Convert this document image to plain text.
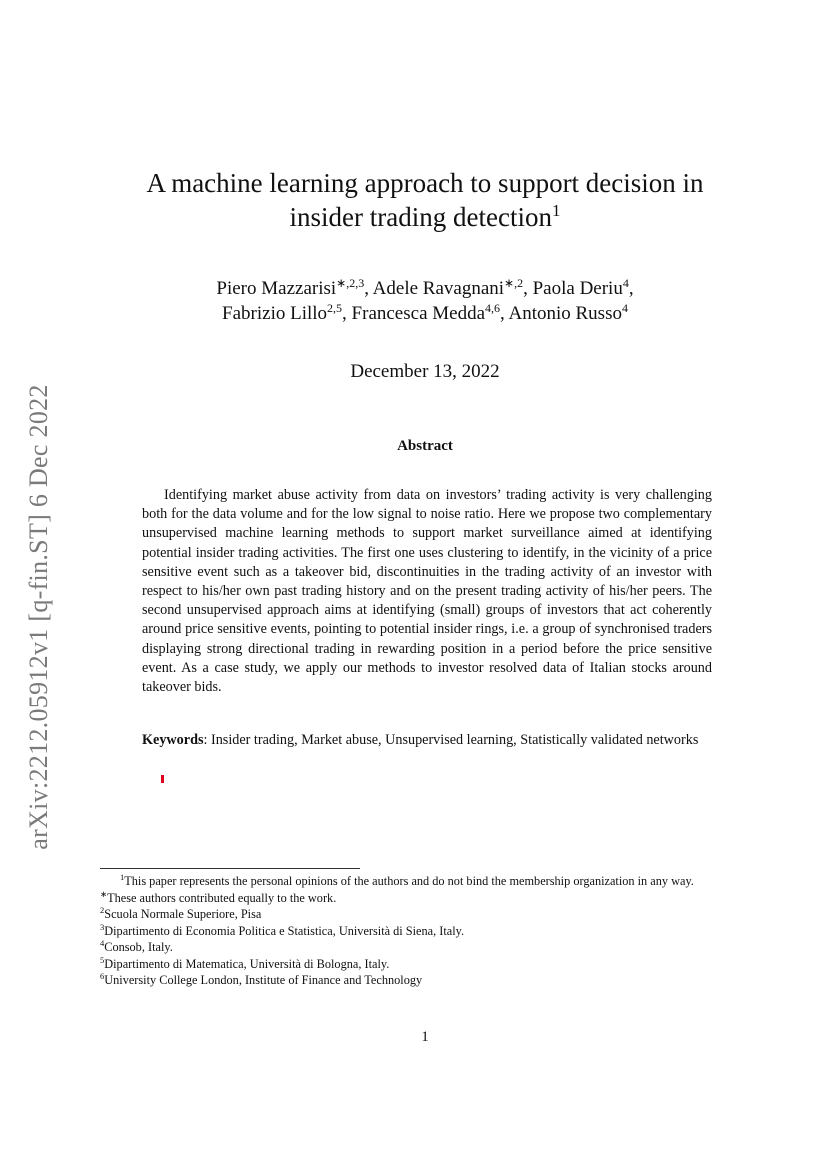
arXiv:2212.05912v1 [q-fin.ST] 6 Dec 2022
A machine learning approach to support decision in
insider trading detection$^1$
Piero Mazzarisi$^{∗,2,3}$, Adele Ravagnani$^{∗,2}$, Paola Deriu$^4$,
Fabrizio Lillo$^{2,5}$, Francesca Medda$^{4,6}$, Antonio Russo$^4$
December 13, 2022
Abstract

Identifying market abuse activity from data on investors’ trading activity is very challenging both for the data volume and for the low signal to noise ratio. Here we propose two complementary unsupervised machine learning methods to support market surveillance aimed at identifying potential insider trading activities. The first one uses clustering to identify, in the vicinity of a price sensitive event such as a takeover bid, discontinuities in the trading activity of an investor with respect to his/her own past trading history and on the present trading activity of his/her peers. The second unsupervised approach aims at identifying (small) groups of investors that act coherently around price sensitive events, pointing to potential insider rings, i.e. a group of synchronised traders displaying strong directional trading in rewarding position in a period before the price sensitive event. As a case study, we apply our methods to investor resolved data of Italian stocks around takeover bids.

Keywords: Insider trading, Market abuse, Unsupervised learning, Statistically validated networks

$^1$This paper represents the personal opinions of the authors and do not bind the membership organization in any way.

∗These authors contributed equally to the work.

$^2$Scuola Normale Superiore, Pisa

$^3$Dipartimento di Economia Politica e Statistica, Università di Siena, Italy.

$^4$Consob, Italy.

$^5$Dipartimento di Matematica, Università di Bologna, Italy.

$^6$University College London, Institute of Finance and Technology

1
